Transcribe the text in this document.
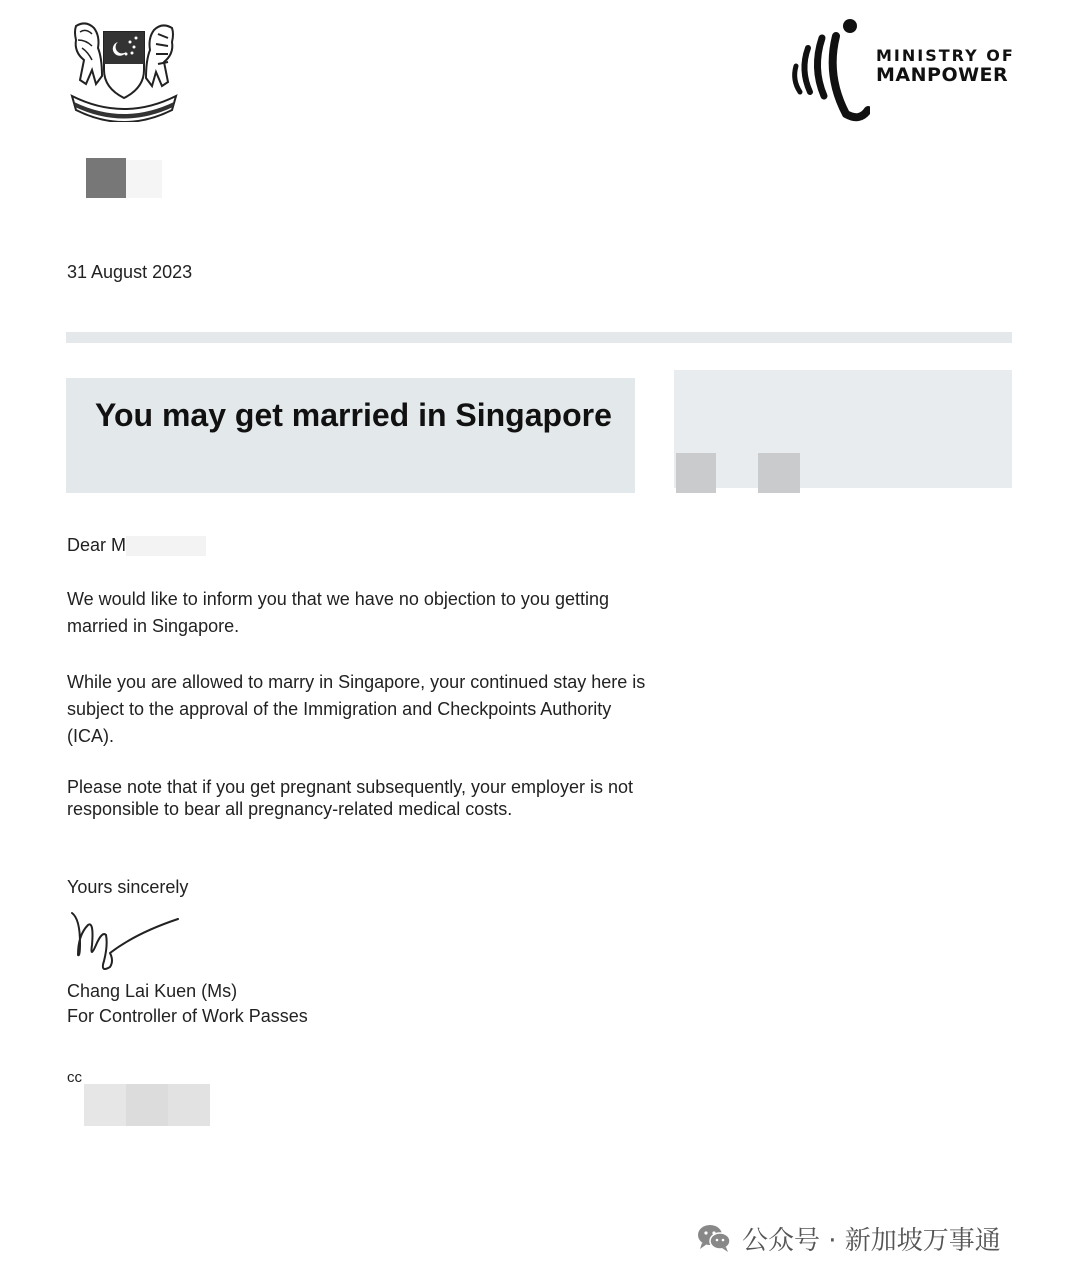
MINISTRY OF
MANPOWER
31 August 2023
You may get married in Singapore
Dear M
We would like to inform you that we have no objection to you getting married in Singapore.
While you are allowed to marry in Singapore, your continued stay here is subject to the approval of the Immigration and Checkpoints Authority (ICA).
Please note that if you get pregnant subsequently, your employer is not responsible to bear all pregnancy-related medical costs.
Yours sincerely
Chang Lai Kuen (Ms)
For Controller of Work Passes
cc
公众号 · 新加坡万事通
